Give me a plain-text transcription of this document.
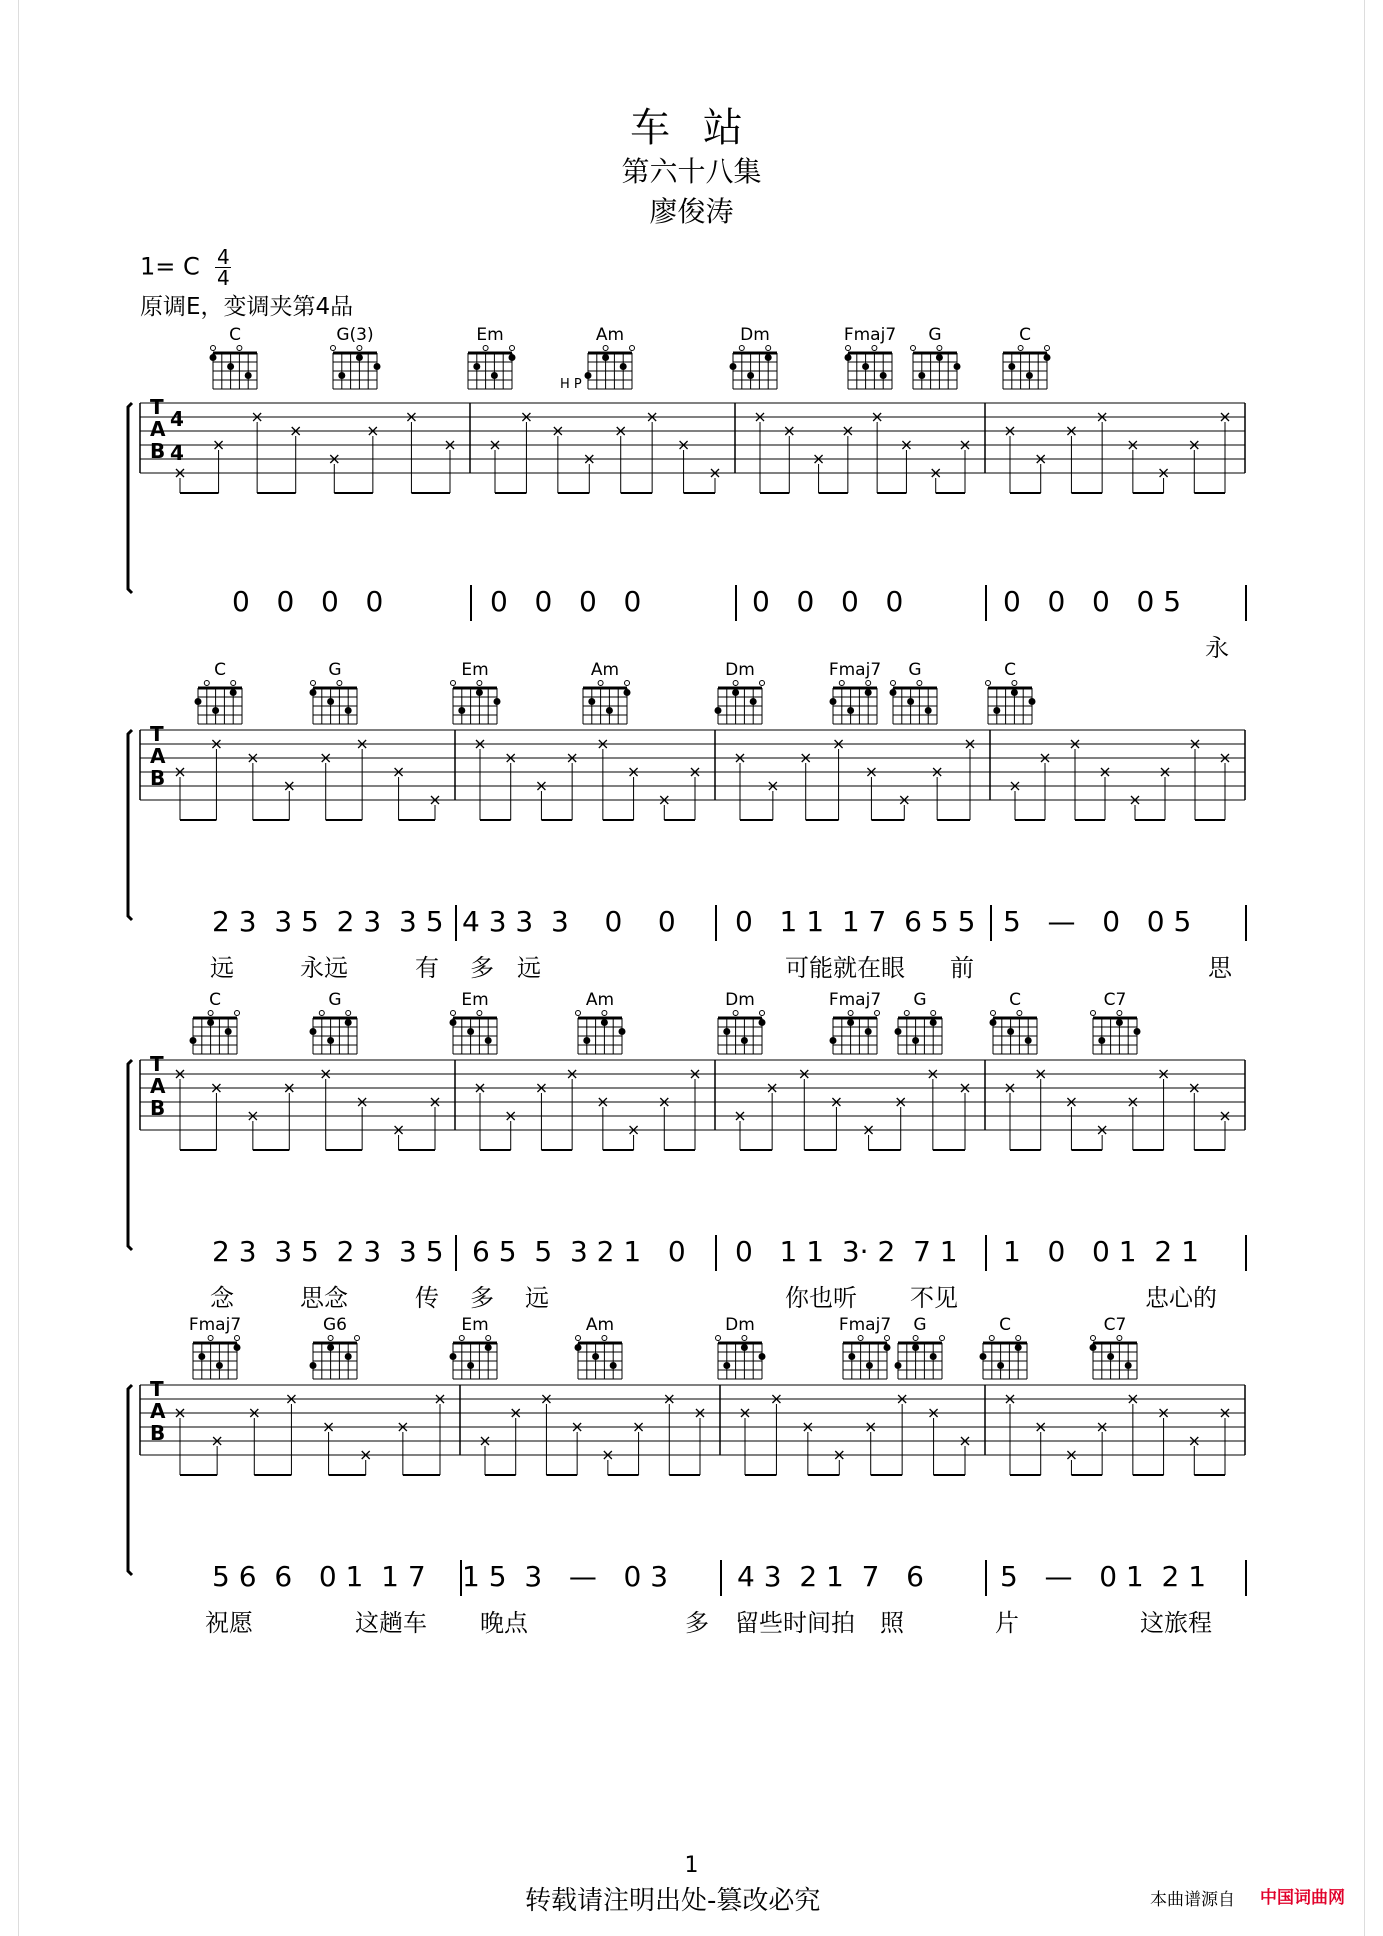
车 站
第六十八集
廖俊涛
1= C $\frac{4}{4}$
原调E，变调夹第4品
C	G(3)	Em	Am	Dm	Fmaj7	G	C
T
A
B
4
4
H P
0   0   0   0	0   0   0   0	0   0   0   0	0   0   0   0 5
永
C	G	Em	Am	Dm	Fmaj7	G	C
T
A
B
2 3  3 5  2 3  3 5 4 3 3  3    0    0 0   1 1  1 7  6 5 5 5   —   0   0 5
远	永远	有 多 远	可能就在眼 前	思
C	G	Em	Am	Dm	Fmaj7	G	C	C7
T
A
B
2 3  3 5  2 3  3 5 6 5  5  3 2 1   0 0   1 1  3· 2  7 1 1   0   0 1  2 1
念	思念	传 多 远	你也听 不见	忠心的
Fmaj7	G6	Em	Am	Dm	Fmaj7	G	C	C7
T
A
B
5 6  6   0 1  1 7 1 5  3   —   0 3 4 3  2 1  7   6	5   —   0 1  2 1
祝愿	这趟车 晚点	多 留些时间拍 照	片	这旅程
1
转载请注明出处-篡改必究	本曲谱源自 中国词曲网
